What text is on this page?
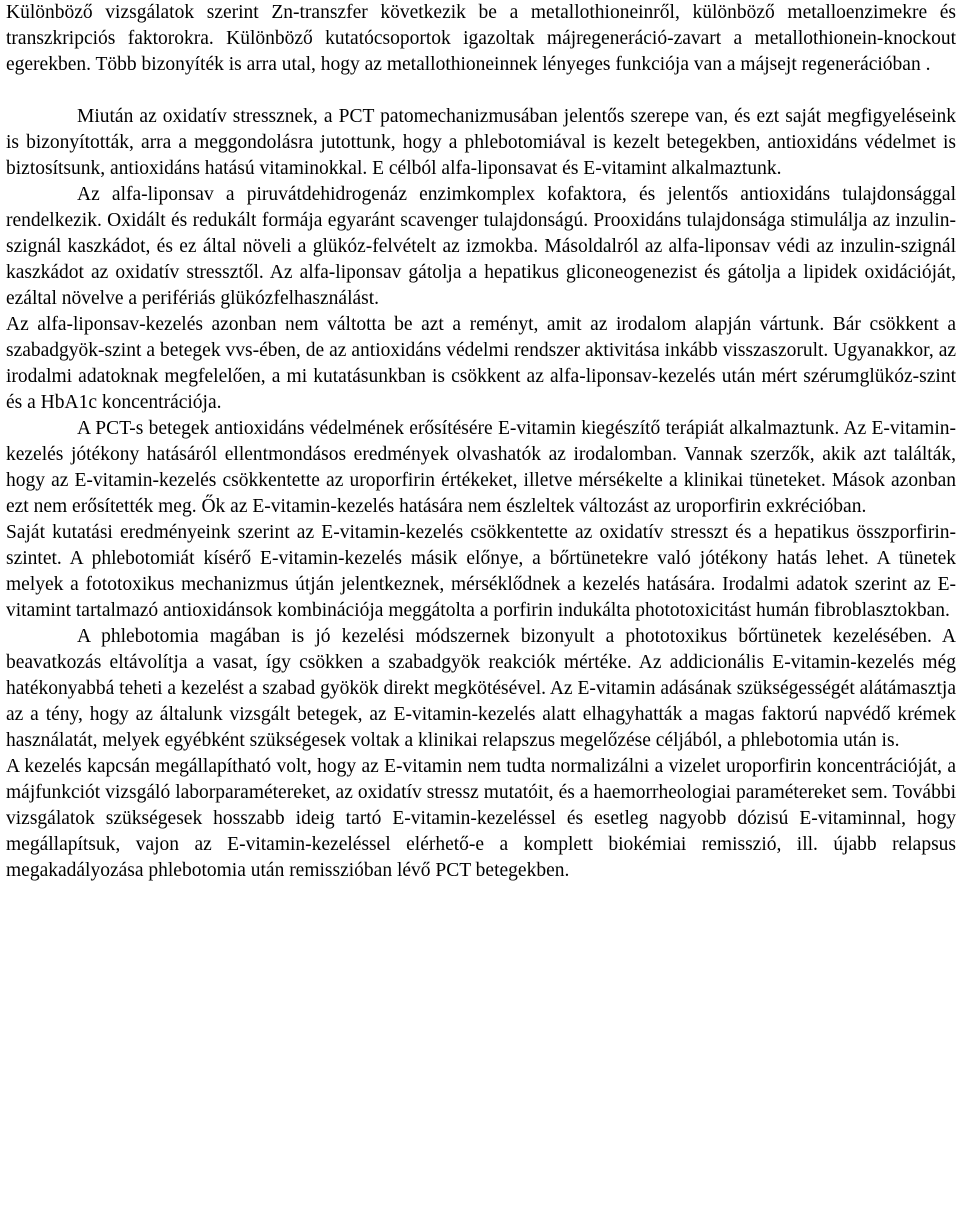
Különböző vizsgálatok szerint Zn-transzfer következik be a metallothioneinről, különböző metalloenzimekre és transzkripciós faktorokra. Különböző kutatócsoportok igazoltak májregeneráció-zavart a metallothionein-knockout egerekben. Több bizonyíték is arra utal, hogy az metallothioneinnek lényeges funkciója van a májsejt regenerációban .

Miután az oxidatív stressznek, a PCT patomechanizmusában jelentős szerepe van, és ezt saját megfigyeléseink is bizonyították, arra a meggondolásra jutottunk, hogy a phlebotomiával is kezelt betegekben, antioxidáns védelmet is biztosítsunk, antioxidáns hatású vitaminokkal. E célból alfa-liponsavat és E-vitamint alkalmaztunk.

Az alfa-liponsav a piruvátdehidrogenáz enzimkomplex kofaktora, és jelentős antioxidáns tulajdonsággal rendelkezik. Oxidált és redukált formája egyaránt scavenger tulajdonságú. Prooxidáns tulajdonsága stimulálja az inzulin-szignál kaszkádot, és ez által növeli a glükóz-felvételt az izmokba. Másoldalról az alfa-liponsav védi az inzulin-szignál kaszkádot az oxidatív stressztől. Az alfa-liponsav gátolja a hepatikus gliconeogenezist és gátolja a lipidek oxidációját, ezáltal növelve a perifériás glükózfelhasználást.

Az alfa-liponsav-kezelés azonban nem váltotta be azt a reményt, amit az irodalom alapján vártunk. Bár csökkent a szabadgyök-szint a betegek vvs-ében, de az antioxidáns védelmi rendszer aktivitása inkább visszaszorult. Ugyanakkor, az irodalmi adatoknak megfelelően, a mi kutatásunkban is csökkent az alfa-liponsav-kezelés után mért szérumglükóz-szint és a HbA1c koncentrációja.

A PCT-s betegek antioxidáns védelmének erősítésére E-vitamin kiegészítő terápiát alkalmaztunk. Az E-vitamin-kezelés jótékony hatásáról ellentmondásos eredmények olvashatók az irodalomban. Vannak szerzők, akik azt találták, hogy az E-vitamin-kezelés csökkentette az uroporfirin értékeket, illetve mérsékelte a klinikai tüneteket. Mások azonban ezt nem erősítették meg. Ők az E-vitamin-kezelés hatására nem észleltek változást az uroporfirin exkrécióban.

Saját kutatási eredményeink szerint az E-vitamin-kezelés csökkentette az oxidatív stresszt és a hepatikus összporfirin-szintet. A phlebotomiát kísérő E-vitamin-kezelés másik előnye, a bőrtünetekre való jótékony hatás lehet. A tünetek melyek a fototoxikus mechanizmus útján jelentkeznek, mérséklődnek a kezelés hatására. Irodalmi adatok szerint az E-vitamint tartalmazó antioxidánsok kombinációja meggátolta a porfirin indukálta phototoxicitást humán fibroblasztokban.

A phlebotomia magában is jó kezelési módszernek bizonyult a phototoxikus bőrtünetek kezelésében. A beavatkozás eltávolítja a vasat, így csökken a szabadgyök reakciók mértéke. Az addicionális E-vitamin-kezelés még hatékonyabbá teheti a kezelést a szabad gyökök direkt megkötésével. Az E-vitamin adásának szükségességét alátámasztja az a tény, hogy az általunk vizsgált betegek, az E-vitamin-kezelés alatt elhagyhatták a magas faktorú napvédő krémek használatát, melyek egyébként szükségesek voltak a klinikai relapszus megelőzése céljából, a phlebotomia után is.

A kezelés kapcsán megállapítható volt, hogy az E-vitamin nem tudta normalizálni a vizelet uroporfirin koncentrációját, a májfunkciót vizsgáló laborparamétereket, az oxidatív stressz mutatóit, és a haemorrheologiai paramétereket sem. További vizsgálatok szükségesek hosszabb ideig tartó E-vitamin-kezeléssel és esetleg nagyobb dózisú E-vitaminnal, hogy megállapítsuk, vajon az E-vitamin-kezeléssel elérhető-e a komplett biokémiai remisszió, ill. újabb relapsus megakadályozása phlebotomia után remisszióban lévő PCT betegekben.
